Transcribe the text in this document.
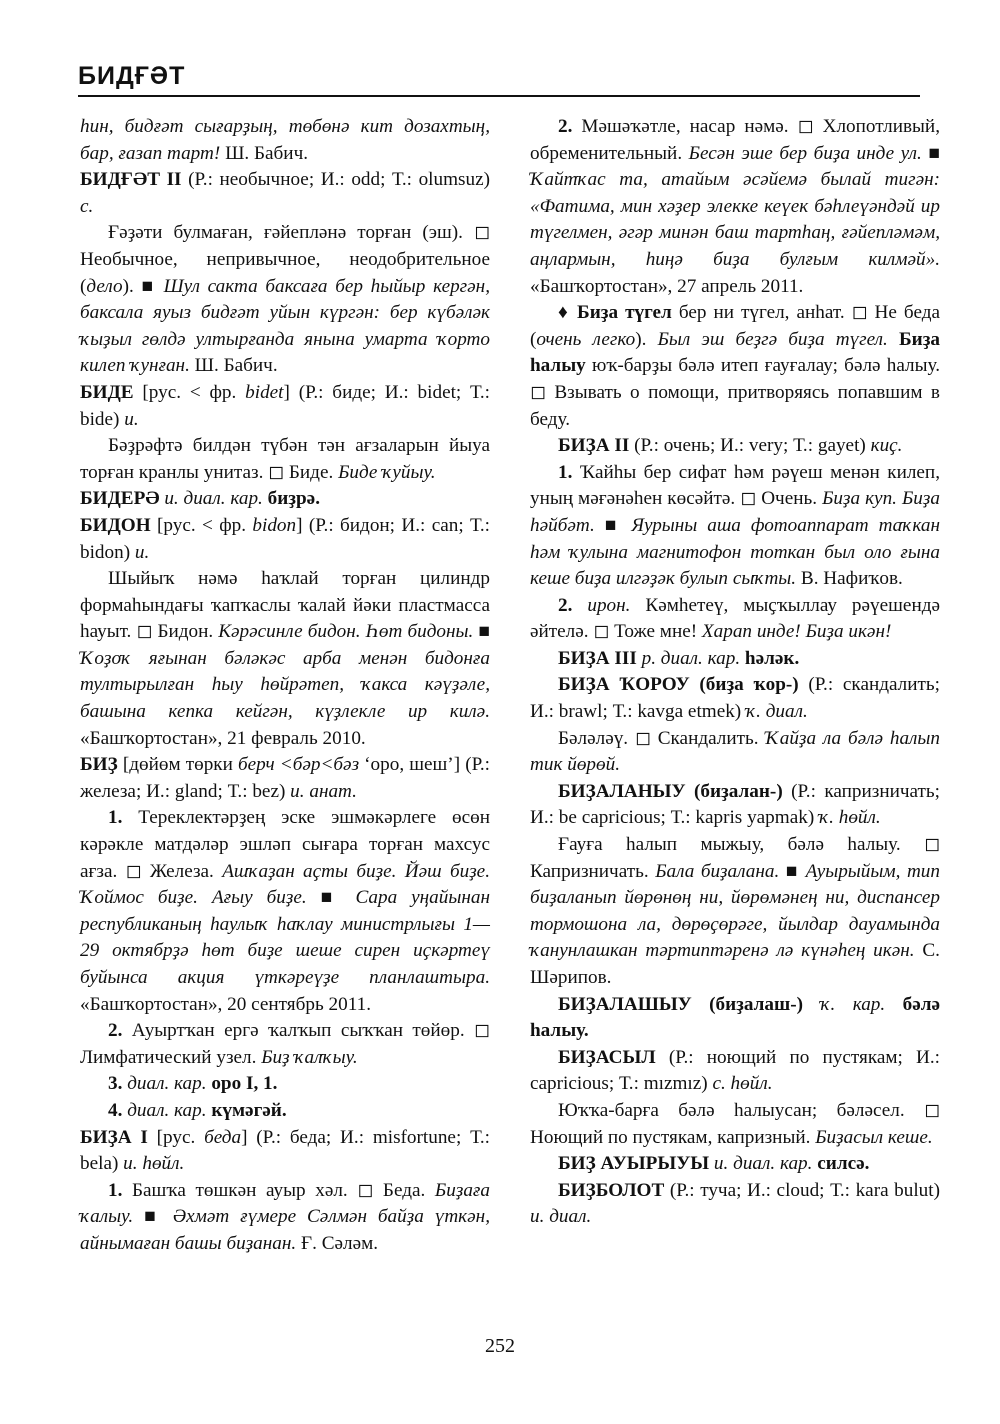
БИДҒӘТ

һин, бидғәт сығарҙың, төбөнә кит дозахтың, бар, ғазап тарт! Ш. Бабич.

БИДҒӘТ II (Р.: необычное; И.: odd; Т.: olumsuz) с.

Ғәҙәти булмаған, ғәйепләнә торған (эш). ◻ Необычное, непривычное, неодобрительное (дело). ■ Шул сакта баксаға бер һыйыр кергән, баксала яуыз бидғәт уйын күргән: бер күбәләк ҡыҙыл гөлдә ултырғанда янына умарта ҡорто килеп ҡунған. Ш. Бабич.

БИДЕ [рус. < фр. bidet] (Р.: биде; И.: bidet; Т.: bide) и.

Бәҙрәфтә билдән түбән тән ағзаларын йыуа торған кранлы унитаз. ◻ Биде. Биде ҡуйыу.

БИДЕРӘ и. диал. кар. биҙрә.

БИДОН [рус. < фр. bidon] (Р.: бидон; И.: can; Т.: bidon) и.

Шыйыҡ нәмә һаҡлай торған цилиндр формаһындағы ҡапҡаслы ҡалай йәки пластмасса һауыт. ◻ Бидон. Кәрәсинле бидон. Һөт бидоны. ■ Ҡоҙоҡ яғынан бәләкәс арба менән бидонға тултырылған һыу һөйрәтеп, ҡакса кәүҙәле, башына кепка кейгән, күҙлекле ир килә. «Башҡортостан», 21 февраль 2010.

БИҘ [дөйөм төрки берч <бәр<бәз ‘оро, шеш’] (Р.: железа; И.: gland; Т.: bez) и. анат.

1. Тереклектәрҙең эске эшмәкәрлеге өсөн кәрәкле матдәләр эшләп сығара торған махсус ағза. ◻ Железа. Ашҡаҙан аҫты биҙе. Йәш биҙе. Ҡоймос биҙе. Ағыу биҙе. ■ Сара уңайынан республиканың һаулыҡ һаҡлау министрлығы 1—29 октябрҙә һөт биҙе шеше сирен иҫкәртеү буйынса акция үткәреүҙе планлаштыра. «Башҡортостан», 20 сентябрь 2011.

2. Ауыртҡан ергә ҡалҡып сыҡҡан төйөр. ◻ Лимфатический узел. Биҙ ҡалҡыу.

3. диал. кар. оро I, 1.

4. диал. кар. күмәгәй.

БИҘА I [рус. беда] (Р.: беда; И.: misfortune; Т.: bela) и. һөйл.

1. Башҡа төшкән ауыр хәл. ◻ Беда. Биҙаға ҡалыу. ■ Әхмәт ғүмере Сәлмән байҙа үткән, айнымаған башы биҙанан. Ғ. Сәләм.

2. Мәшәҡәтле, насар нәмә. ◻ Хлопотливый, обременительный. Бесән эше бер биҙа инде ул. ■ Ҡайтҡас та, атайым әсәйемә былай тигән: «Фатима, мин хәҙер элекке кеүек бәһлеүәндәй ир түгелмен, әгәр минән баш тартһаң, ғәйепләмәм, аңлармын, һиңә биҙа булғым килмәй». «Башҡортостан», 27 апрель 2011.

♦ Биҙа түгел бер ни түгел, анһат. ◻ Не беда (очень легко). Был эш беҙгә биҙа түгел. Биҙа һалыу юҡ-барҙы бәлә итеп ғауғалау; бәлә һалыу. ◻ Взывать о помощи, притворяясь попавшим в беду.

БИҘА II (Р.: очень; И.: very; Т.: gayet) киҫ.

1. Ҡайһы бер сифат һәм рәүеш менән килеп, уның мәғәнәһен көсәйтә. ◻ Очень. Биҙа куп. Биҙа һәйбәт. ■ Яурыны аша фотоаппарат таҡкан һәм ҡулына магнитофон тоткан был оло ғына кеше биҙа илгәҙәк булып сыҡты. В. Нафиҡов.

2. ирон. Кәмһетеү, мыҫҡыллау рәүешендә әйтелә. ◻ Тоже мне! Харап инде! Биҙа икән!

БИҘА III р. диал. кар. һәләк.

БИҘА ҠОРОУ (биҙа ҡор-) (Р.: скандалить; И.: brawl; Т.: kavga etmek) ҡ. диал.

Бәләләү. ◻ Скандалить. Ҡайҙа ла бәлә һалып тик йөрөй.

БИҘАЛАНЫУ (биҙалан-) (Р.: капризничать; И.: be capricious; Т.: kapris yapmak) ҡ. һөйл.

Ғауға һалып мыжыу, бәлә һалыу. ◻ Капризничать. Бала биҙалана. ■ Ауырыйым, тип биҙаланып йөрөнөң ни, йөрөмәнең ни, диспансер тормошона ла, дөрөҫөрәге, йылдар дауамында ҡанунлашкан тәртиптәренә лә күнәһең икән. С. Шәрипов.

БИҘАЛАШЫУ (биҙалаш-) ҡ. кар. бәлә һалыу.

БИҘАСЫЛ (Р.: ноющий по пустякам; И.: capricious; Т.: mızmız) с. һөйл.

Юҡҡа-барға бәлә һалыусан; бәләсел. ◻ Ноющий по пустякам, капризный. Биҙасыл кеше.

БИҘ АУЫРЫУЫ и. диал. кар. силсә.

БИҘБОЛОТ (Р.: туча; И.: cloud; Т.: kara bulut) и. диал.

252
